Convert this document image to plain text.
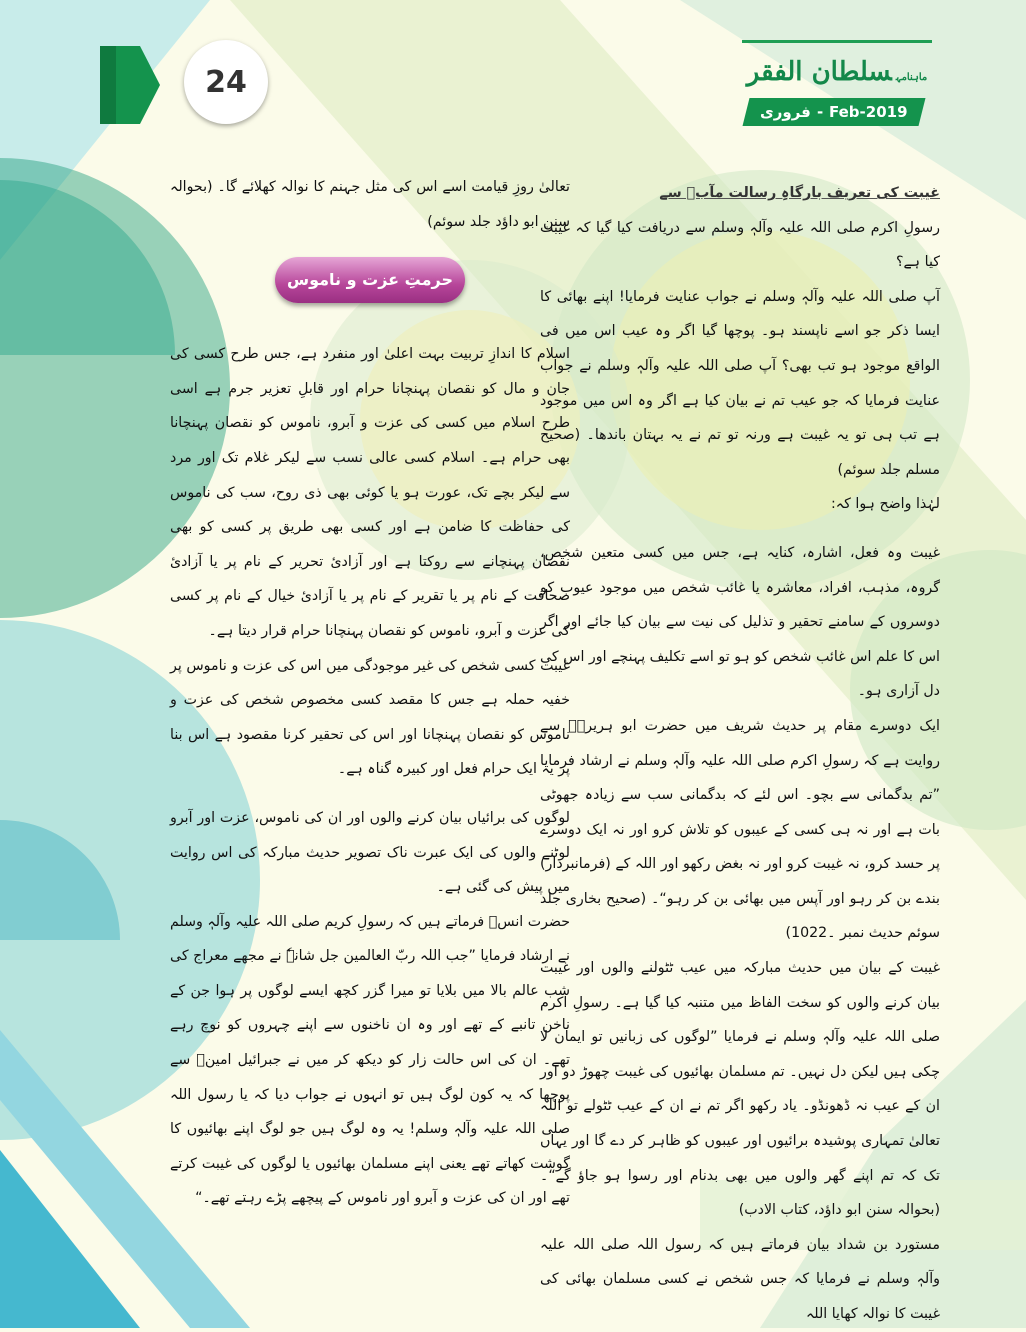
24	ماہنامہسلطان الفقر
فروری - Feb-2019

غیبت کی تعریف بارگاہِ رسالت مآبؐ سے

رسولِ اکرم صلی اللہ علیہ وآلہٖ وسلم سے دریافت کیا گیا کہ غیبت کیا ہے؟

آپ صلی اللہ علیہ وآلہٖ وسلم نے جواب عنایت فرمایا! اپنے بھائی کا ایسا ذکر جو اسے ناپسند ہو۔ پوچھا گیا اگر وہ عیب اس میں فی الواقع موجود ہو تب بھی؟ آپ صلی اللہ علیہ وآلہٖ وسلم نے جواب عنایت فرمایا کہ جو عیب تم نے بیان کیا ہے اگر وہ اس میں موجود ہے تب ہی تو یہ غیبت ہے ورنہ تو تم نے یہ بہتان باندھا۔ (صحیح مسلم جلد سوئم)

لہٰذا واضح ہوا کہ:

غیبت وہ فعل، اشارہ، کنایہ ہے، جس میں کسی متعین شخص، گروہ، مذہب، افراد، معاشرہ یا غائب شخص میں موجود عیوب کو دوسروں کے سامنے تحقیر و تذلیل کی نیت سے بیان کیا جائے اور اگر اس کا علم اس غائب شخص کو ہو تو اسے تکلیف پہنچے اور اس کی دل آزاری ہو۔

ایک دوسرے مقام پر حدیث شریف میں حضرت ابو ہریرہؓ سے روایت ہے کہ رسولِ اکرم صلی اللہ علیہ وآلہٖ وسلم نے ارشاد فرمایا ”تم بدگمانی سے بچو۔ اس لئے کہ بدگمانی سب سے زیادہ جھوٹی بات ہے اور نہ ہی کسی کے عیبوں کو تلاش کرو اور نہ ایک دوسرے پر حسد کرو، نہ غیبت کرو اور نہ بغض رکھو اور اللہ کے (فرمانبردار) بندے بن کر رہو اور آپس میں بھائی بن کر رہو“۔ (صحیح بخاری جلد سوئم حدیث نمبر ۔1022)

غیبت کے بیان میں حدیث مبارکہ میں عیب ٹٹولنے والوں اور غیبت بیان کرنے والوں کو سخت الفاظ میں متنبہ کیا گیا ہے۔ رسولِ اکرم صلی اللہ علیہ وآلہٖ وسلم نے فرمایا ”لوگوں کی زبانیں تو ایمان لا چکی ہیں لیکن دل نہیں۔ تم مسلمان بھائیوں کی غیبت چھوڑ دو اور ان کے عیب نہ ڈھونڈو۔ یاد رکھو اگر تم نے ان کے عیب ٹٹولے تو اللہ تعالیٰ تمہاری پوشیدہ برائیوں اور عیبوں کو ظاہر کر دے گا اور یہاں تک کہ تم اپنے گھر والوں میں بھی بدنام اور رسوا ہو جاؤ گے“۔ (بحوالہ سنن ابو داؤد، کتاب الادب)

مستورد بن شداد بیان فرماتے ہیں کہ رسول اللہ صلی اللہ علیہ وآلہٖ وسلم نے فرمایا کہ جس شخص نے کسی مسلمان بھائی کی غیبت کا نوالہ کھایا اللہ

تعالیٰ روزِ قیامت اسے اس کی مثل جہنم کا نوالہ کھلائے گا۔ (بحوالہ سنن ابو داؤد جلد سوئم)

حرمتِ عزت و ناموس

اسلام کا اندازِ تربیت بہت اعلیٰ اور منفرد ہے، جس طرح کسی کی جان و مال کو نقصان پہنچانا حرام اور قابلِ تعزیر جرم ہے اسی طرح اسلام میں کسی کی عزت و آبرو، ناموس کو نقصان پہنچانا بھی حرام ہے۔ اسلام کسی عالی نسب سے لیکر غلام تک اور مرد سے لیکر بچے تک، عورت ہو یا کوئی بھی ذی روح، سب کی ناموس کی حفاظت کا ضامن ہے اور کسی بھی طریق پر کسی کو بھی نقصان پہنچانے سے روکتا ہے اور آزادیٔ تحریر کے نام پر یا آزادیٔ صحافت کے نام پر یا تقریر کے نام پر یا آزادیٔ خیال کے نام پر کسی کی عزت و آبرو، ناموس کو نقصان پہنچانا حرام قرار دیتا ہے۔

غیبت کسی شخص کی غیر موجودگی میں اس کی عزت و ناموس پر خفیہ حملہ ہے جس کا مقصد کسی مخصوص شخص کی عزت و ناموس کو نقصان پہنچانا اور اس کی تحقیر کرنا مقصود ہے اس بنا پر یہ ایک حرام فعل اور کبیرہ گناہ ہے۔

لوگوں کی برائیاں بیان کرنے والوں اور ان کی ناموس، عزت اور آبرو لوٹنے والوں کی ایک عبرت ناک تصویر حدیث مبارکہ کی اس روایت میں پیش کی گئی ہے۔

حضرت انسؓ فرماتے ہیں کہ رسولِ کریم صلی اللہ علیہ وآلہٖ وسلم نے ارشاد فرمایا ”جب اللہ ربّ العالمین جل شانہٗ نے مجھے معراج کی شب عالم بالا میں بلایا تو میرا گزر کچھ ایسے لوگوں پر ہوا جن کے ناخن تانبے کے تھے اور وہ ان ناخنوں سے اپنے چہروں کو نوچ رہے تھے۔ ان کی اس حالت زار کو دیکھ کر میں نے جبرائیل امینؑ سے پوچھا کہ یہ کون لوگ ہیں تو انہوں نے جواب دیا کہ یا رسول اللہ صلی اللہ علیہ وآلہٖ وسلم! یہ وہ لوگ ہیں جو لوگ اپنے بھائیوں کا گوشت کھاتے تھے یعنی اپنے مسلمان بھائیوں یا لوگوں کی غیبت کرتے تھے اور ان کی عزت و آبرو اور ناموس کے پیچھے پڑے رہتے تھے۔“
